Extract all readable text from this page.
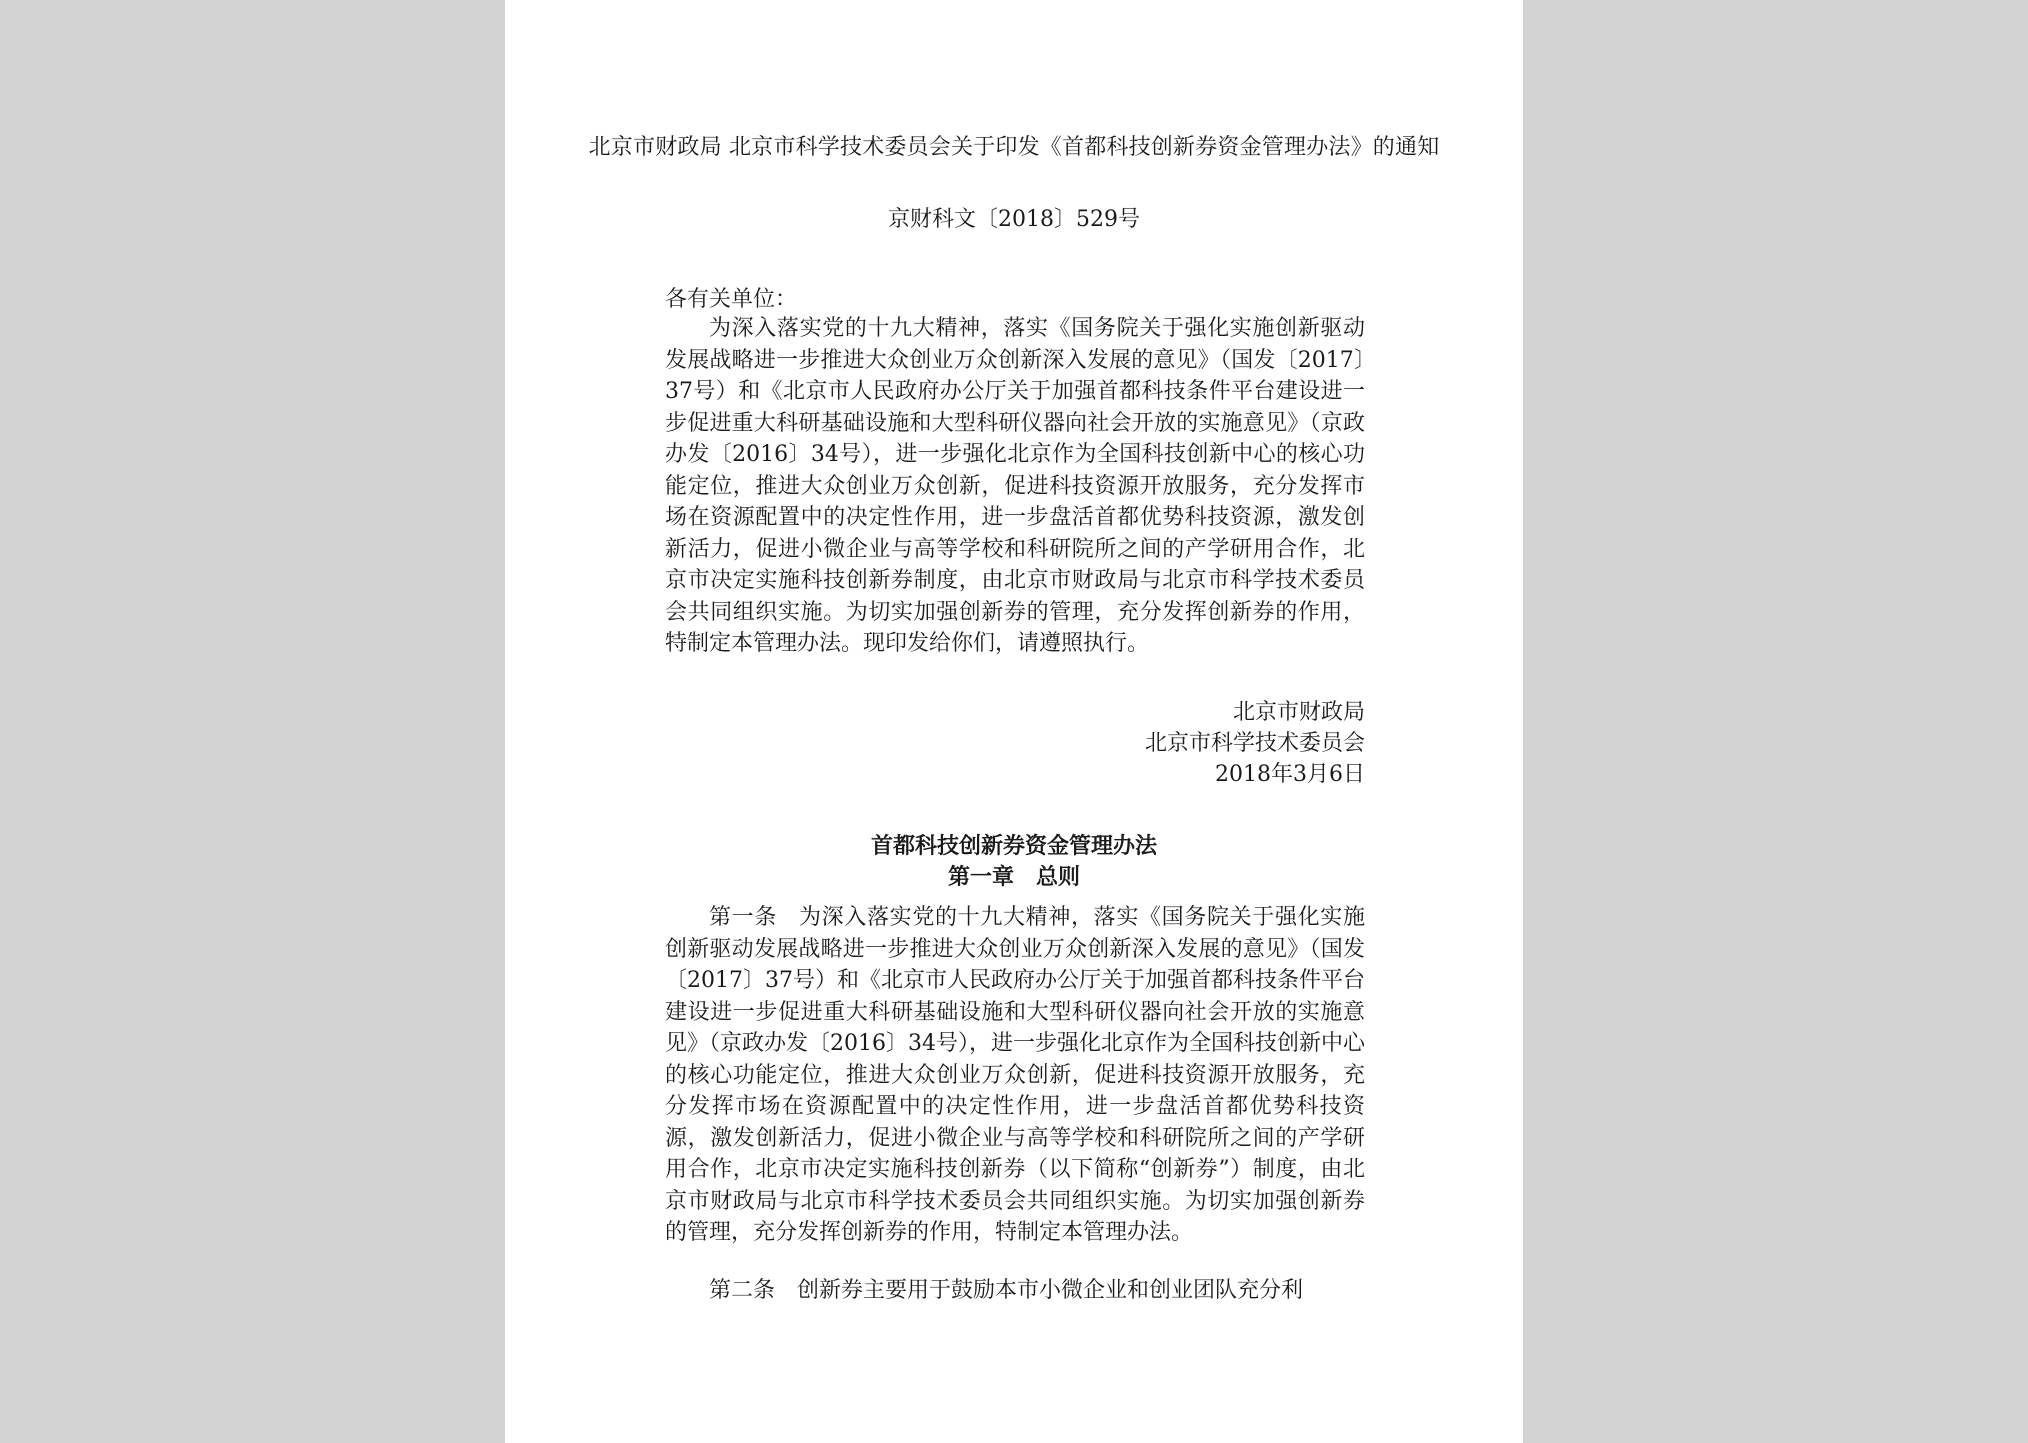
北京市财政局 北京市科学技术委员会关于印发《首都科技创新券资金管理办法》的通知
京财科文〔2018〕529号
各有关单位：
为深入落实党的十九大精神，落实《国务院关于强化实施创新驱动发展战略进一步推进大众创业万众创新深入发展的意见》（国发〔2017〕37号）和《北京市人民政府办公厅关于加强首都科技条件平台建设进一步促进重大科研基础设施和大型科研仪器向社会开放的实施意见》（京政办发〔2016〕34号），进一步强化北京作为全国科技创新中心的核心功能定位，推进大众创业万众创新，促进科技资源开放服务，充分发挥市场在资源配置中的决定性作用，进一步盘活首都优势科技资源，激发创新活力，促进小微企业与高等学校和科研院所之间的产学研用合作，北京市决定实施科技创新券制度，由北京市财政局与北京市科学技术委员会共同组织实施。为切实加强创新券的管理，充分发挥创新券的作用，特制定本管理办法。现印发给你们，请遵照执行。
北京市财政局
北京市科学技术委员会
2018年3月6日
首都科技创新券资金管理办法
第一章 总则
第一条 为深入落实党的十九大精神，落实《国务院关于强化实施创新驱动发展战略进一步推进大众创业万众创新深入发展的意见》（国发〔2017〕37号）和《北京市人民政府办公厅关于加强首都科技条件平台建设进一步促进重大科研基础设施和大型科研仪器向社会开放的实施意见》（京政办发〔2016〕34号），进一步强化北京作为全国科技创新中心的核心功能定位，推进大众创业万众创新，促进科技资源开放服务，充分发挥市场在资源配置中的决定性作用，进一步盘活首都优势科技资源，激发创新活力，促进小微企业与高等学校和科研院所之间的产学研用合作，北京市决定实施科技创新券（以下简称“创新券”）制度，由北京市财政局与北京市科学技术委员会共同组织实施。为切实加强创新券的管理，充分发挥创新券的作用，特制定本管理办法。
第二条 创新券主要用于鼓励本市小微企业和创业团队充分利
